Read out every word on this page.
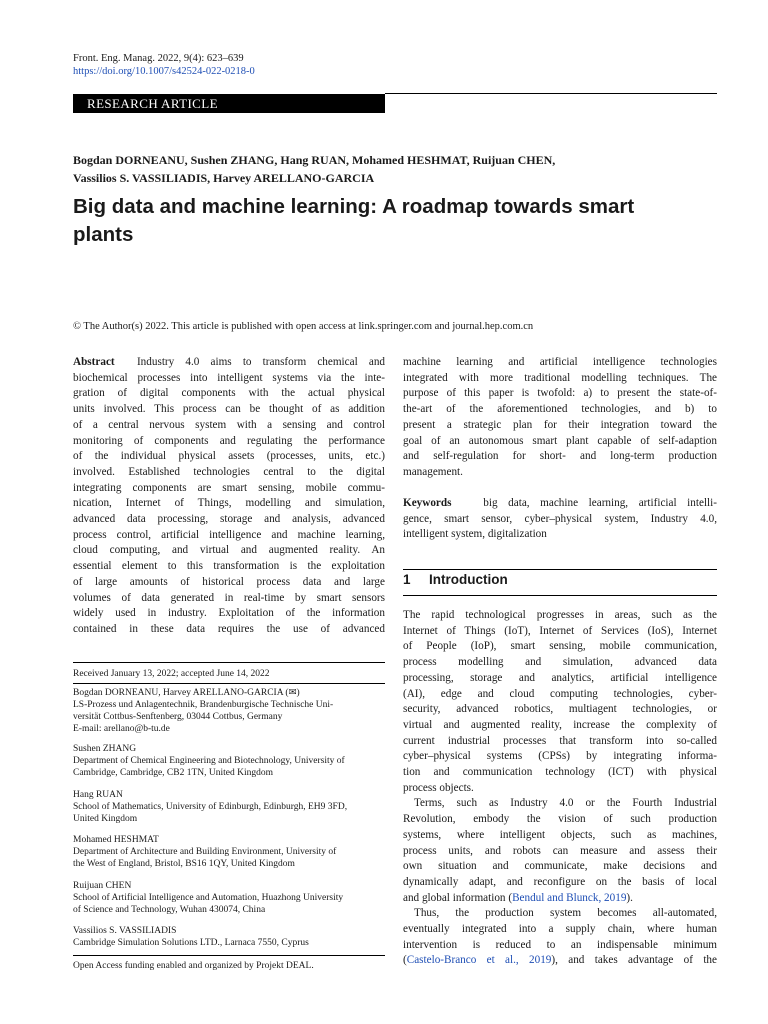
Front. Eng. Manag. 2022, 9(4): 623–639
https://doi.org/10.1007/s42524-022-0218-0
RESEARCH ARTICLE
Bogdan DORNEANU, Sushen ZHANG, Hang RUAN, Mohamed HESHMAT, Ruijuan CHEN,
Vassilios S. VASSILIADIS, Harvey ARELLANO-GARCIA
Big data and machine learning: A roadmap towards smart
plants
© The Author(s) 2022. This article is published with open access at link.springer.com and journal.hep.com.cn
Abstract Industry 4.0 aims to transform chemical and
biochemical processes into intelligent systems via the inte-
gration of digital components with the actual physical
units involved. This process can be thought of as addition
of a central nervous system with a sensing and control
monitoring of components and regulating the performance
of the individual physical assets (processes, units, etc.)
involved. Established technologies central to the digital
integrating components are smart sensing, mobile commu-
nication, Internet of Things, modelling and simulation,
advanced data processing, storage and analysis, advanced
process control, artificial intelligence and machine learning,
cloud computing, and virtual and augmented reality. An
essential element to this transformation is the exploitation
of large amounts of historical process data and large
volumes of data generated in real-time by smart sensors
widely used in industry. Exploitation of the information
contained in these data requires the use of advanced
machine learning and artificial intelligence technologies
integrated with more traditional modelling techniques. The
purpose of this paper is twofold: a) to present the state-of-
the-art of the aforementioned technologies, and b) to
present a strategic plan for their integration toward the
goal of an autonomous smart plant capable of self-adaption
and self-regulation for short- and long-term production
management.
Keywords	big data, machine learning, artificial intelli-
gence, smart sensor, cyber–physical system, Industry 4.0,
intelligent system, digitalization
1 Introduction
The rapid technological progresses in areas, such as the
Internet of Things (IoT), Internet of Services (IoS), Internet
of People (IoP), smart sensing, mobile communication,
process modelling and simulation, advanced data
processing, storage and analytics, artificial intelligence
(AI), edge and cloud computing technologies, cyber-
security, advanced robotics, multiagent technologies, or
virtual and augmented reality, increase the complexity of
current industrial processes that transform into so-called
cyber–physical systems (CPSs) by integrating informa-
tion and communication technology (ICT) with physical
process objects.
Terms, such as Industry 4.0 or the Fourth Industrial
Revolution, embody the vision of such production
systems, where intelligent objects, such as machines,
process units, and robots can measure and assess their
own situation and communicate, make decisions and
dynamically adapt, and reconfigure on the basis of local
and global information (Bendul and Blunck, 2019).
Thus, the production system becomes all-automated,
eventually integrated into a supply chain, where human
intervention is reduced to an indispensable minimum
(Castelo-Branco et al., 2019), and takes advantage of the
Received January 13, 2022; accepted June 14, 2022
Bogdan DORNEANU, Harvey ARELLANO-GARCIA (✉)
LS-Prozess und Anlagentechnik, Brandenburgische Technische Uni-
versität Cottbus-Senftenberg, 03044 Cottbus, Germany
E-mail: arellano@b-tu.de
Sushen ZHANG
Department of Chemical Engineering and Biotechnology, University of
Cambridge, Cambridge, CB2 1TN, United Kingdom
Hang RUAN
School of Mathematics, University of Edinburgh, Edinburgh, EH9 3FD,
United Kingdom
Mohamed HESHMAT
Department of Architecture and Building Environment, University of
the West of England, Bristol, BS16 1QY, United Kingdom
Ruijuan CHEN
School of Artificial Intelligence and Automation, Huazhong University
of Science and Technology, Wuhan 430074, China
Vassilios S. VASSILIADIS
Cambridge Simulation Solutions LTD., Larnaca 7550, Cyprus
Open Access funding enabled and organized by Projekt DEAL.
